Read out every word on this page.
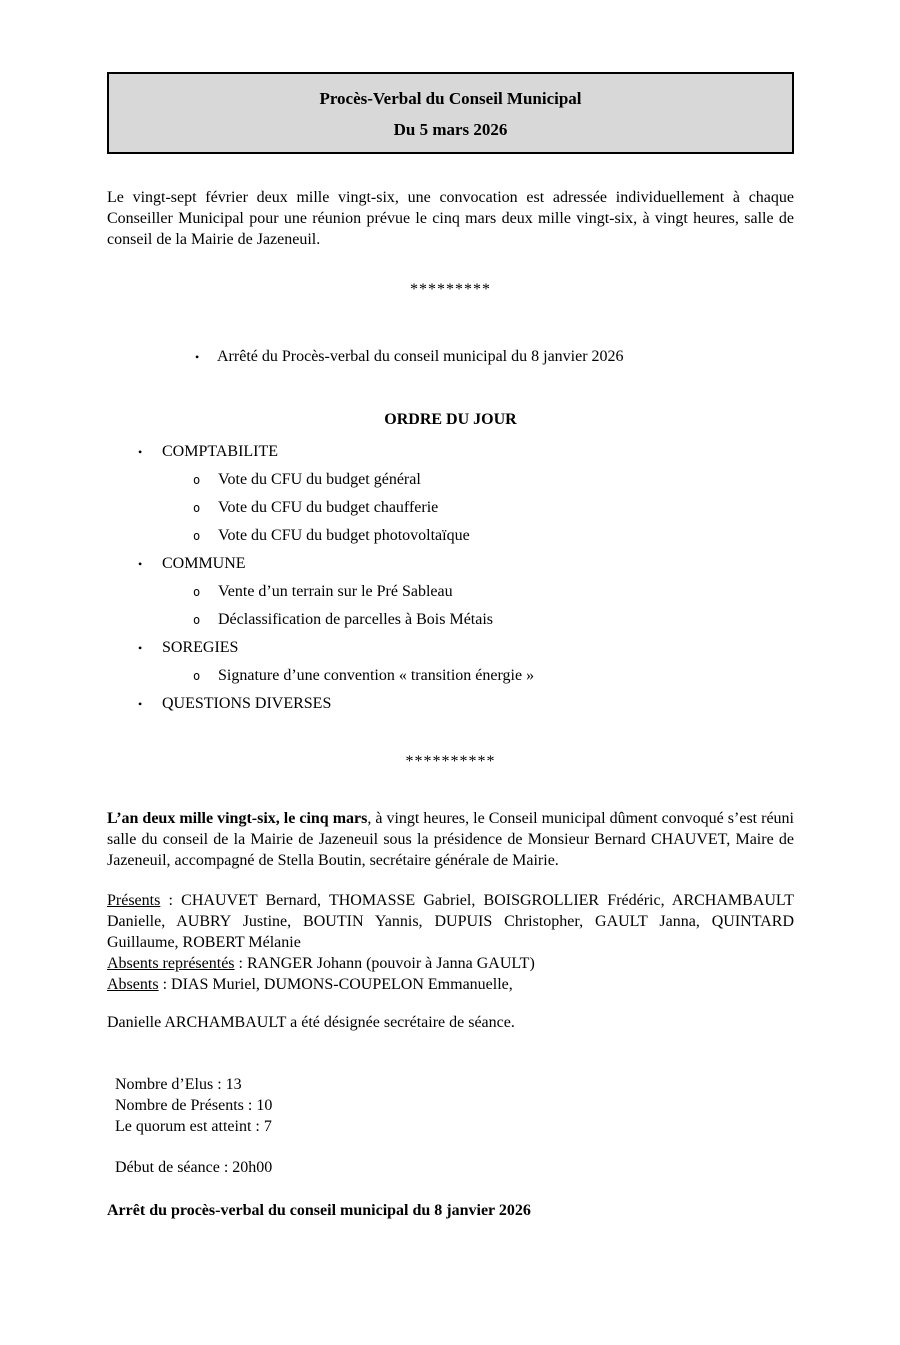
Procès-Verbal du Conseil Municipal
Du 5 mars 2026
Le vingt-sept février deux mille vingt-six, une convocation est adressée individuellement à chaque Conseiller Municipal pour une réunion prévue le cinq mars deux mille vingt-six, à vingt heures, salle de conseil de la Mairie de Jazeneuil.
*********
• Arrêté du Procès-verbal du conseil municipal du 8 janvier 2026
ORDRE DU JOUR
• COMPTABILITE
o Vote du CFU du budget général
o Vote du CFU du budget chaufferie
o Vote du CFU du budget photovoltaïque
• COMMUNE
o Vente d’un terrain sur le Pré Sableau
o Déclassification de parcelles à Bois Métais
• SOREGIES
o Signature d’une convention « transition énergie »
• QUESTIONS DIVERSES
**********
L’an deux mille vingt-six, le cinq mars, à vingt heures, le Conseil municipal dûment convoqué s’est réuni salle du conseil de la Mairie de Jazeneuil sous la présidence de Monsieur Bernard CHAUVET, Maire de Jazeneuil, accompagné de Stella Boutin, secrétaire générale de Mairie.
Présents : CHAUVET Bernard, THOMASSE Gabriel, BOISGROLLIER Frédéric, ARCHAMBAULT Danielle, AUBRY Justine, BOUTIN Yannis, DUPUIS Christopher, GAULT Janna, QUINTARD Guillaume, ROBERT Mélanie
Absents représentés : RANGER Johann (pouvoir à Janna GAULT)
Absents : DIAS Muriel, DUMONS-COUPELON Emmanuelle,
Danielle ARCHAMBAULT a été désignée secrétaire de séance.
Nombre d’Elus : 13
Nombre de Présents : 10
Le quorum est atteint : 7
Début de séance : 20h00
Arrêt du procès-verbal du conseil municipal du 8 janvier 2026
